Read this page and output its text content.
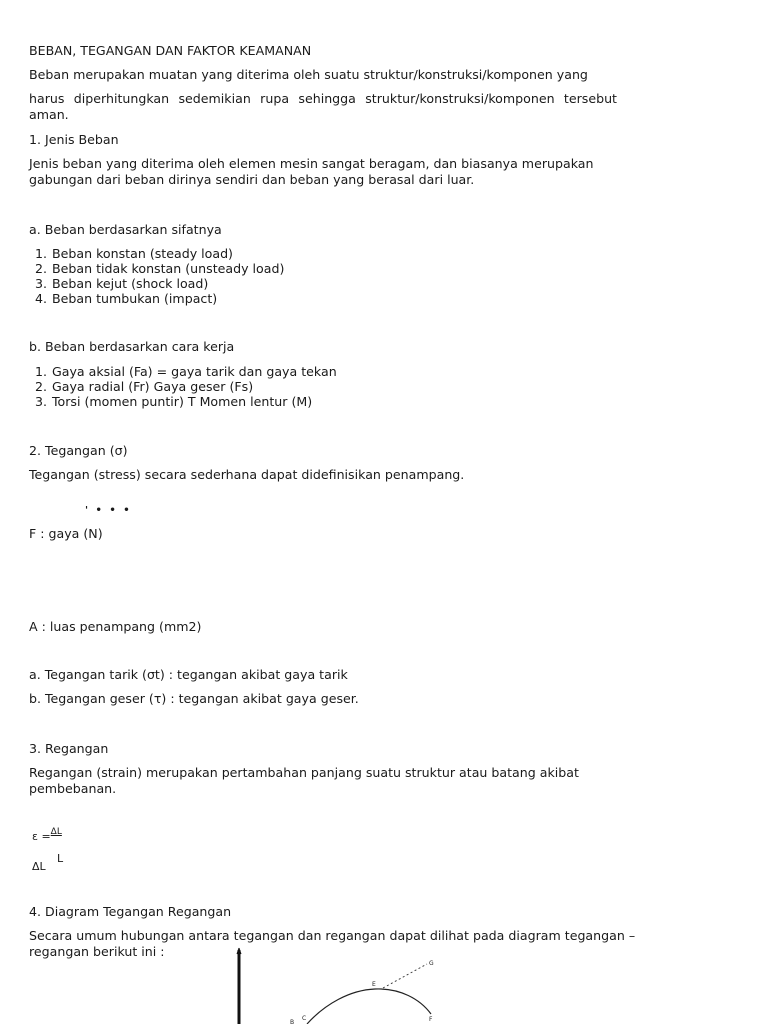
BEBAN, TEGANGAN DAN FAKTOR KEAMANAN
Beban merupakan muatan yang diterima oleh suatu struktur/konstruksi/komponen yang
harus diperhitungkan sedemikian rupa sehingga struktur/konstruksi/komponen tersebut
aman.
1. Jenis Beban
Jenis beban yang diterima oleh elemen mesin sangat beragam, dan biasanya merupakan
gabungan dari beban dirinya sendiri dan beban yang berasal dari luar.
a. Beban berdasarkan sifatnya
1. Beban konstan (steady load)
2. Beban tidak konstan (unsteady load)
3. Beban kejut (shock load)
4. Beban tumbukan (impact)
b. Beban berdasarkan cara kerja
1. Gaya aksial (Fa) = gaya tarik dan gaya tekan
2. Gaya radial (Fr) Gaya geser (Fs)
3. Torsi (momen puntir) T Momen lentur (M)
2. Tegangan (σ)
Tegangan (stress) secara sederhana dapat didefinisikan penampang.
' • • •
F : gaya (N)
A : luas penampang (mm2)
a. Tegangan tarik (σt) : tegangan akibat gaya tarik
b. Tegangan geser (τ) : tegangan akibat gaya geser.
3. Regangan
Regangan (strain) merupakan pertambahan panjang suatu struktur atau batang akibat
pembebanan.
ε =$^{\Delta L}$
ΔL
L
4. Diagram Tegangan Regangan
Secara umum hubungan antara tegangan dan regangan dapat dilihat pada diagram tegangan –
regangan berikut ini :
G
E
F
C
B
